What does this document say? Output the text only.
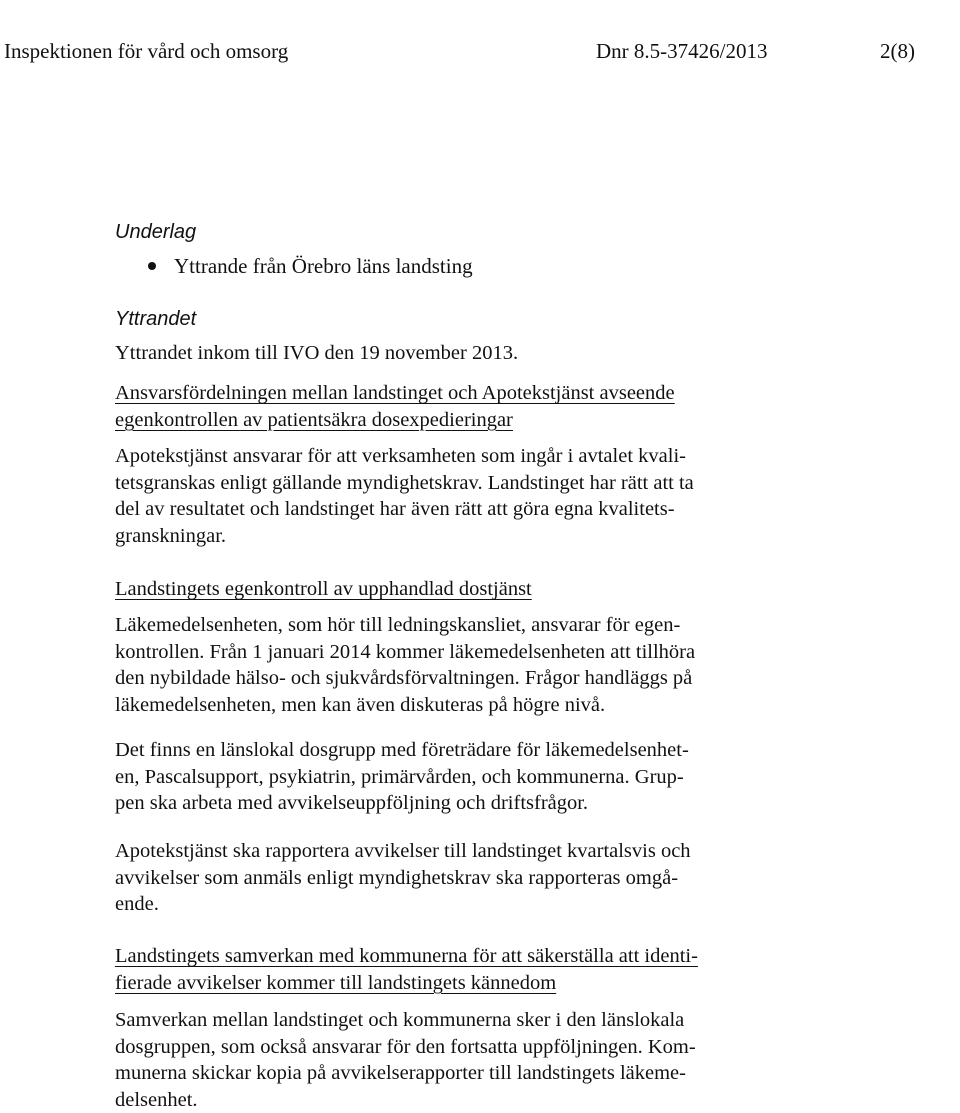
Inspektionen för vård och omsorg	Dnr 8.5-37426/2013	2(8)
Underlag
Yttrande från Örebro läns landsting
Yttrandet
Yttrandet inkom till IVO den 19 november 2013.
Ansvarsfördelningen mellan landstinget och Apotekstjänst avseende
egenkontrollen av patientsäkra dosexpedieringar
Apotekstjänst ansvarar för att verksamheten som ingår i avtalet kvali-
tetsgranskas enligt gällande myndighetskrav. Landstinget har rätt att ta
del av resultatet och landstinget har även rätt att göra egna kvalitets-
granskningar.
Landstingets egenkontroll av upphandlad dostjänst
Läkemedelsenheten, som hör till ledningskansliet, ansvarar för egen-
kontrollen. Från 1 januari 2014 kommer läkemedelsenheten att tillhöra
den nybildade hälso- och sjukvårdsförvaltningen. Frågor handläggs på
läkemedelsenheten, men kan även diskuteras på högre nivå.
Det finns en länslokal dosgrupp med företrädare för läkemedelsenhet-
en, Pascalsupport, psykiatrin, primärvården, och kommunerna. Grup-
pen ska arbeta med avvikelseuppföljning och driftsfrågor.
Apotekstjänst ska rapportera avvikelser till landstinget kvartalsvis och
avvikelser som anmäls enligt myndighetskrav ska rapporteras omgå-
ende.
Landstingets samverkan med kommunerna för att säkerställa att identi-
fierade avvikelser kommer till landstingets kännedom
Samverkan mellan landstinget och kommunerna sker i den länslokala
dosgruppen, som också ansvarar för den fortsatta uppföljningen. Kom-
munerna skickar kopia på avvikelserapporter till landstingets läkeme-
delsenhet.
